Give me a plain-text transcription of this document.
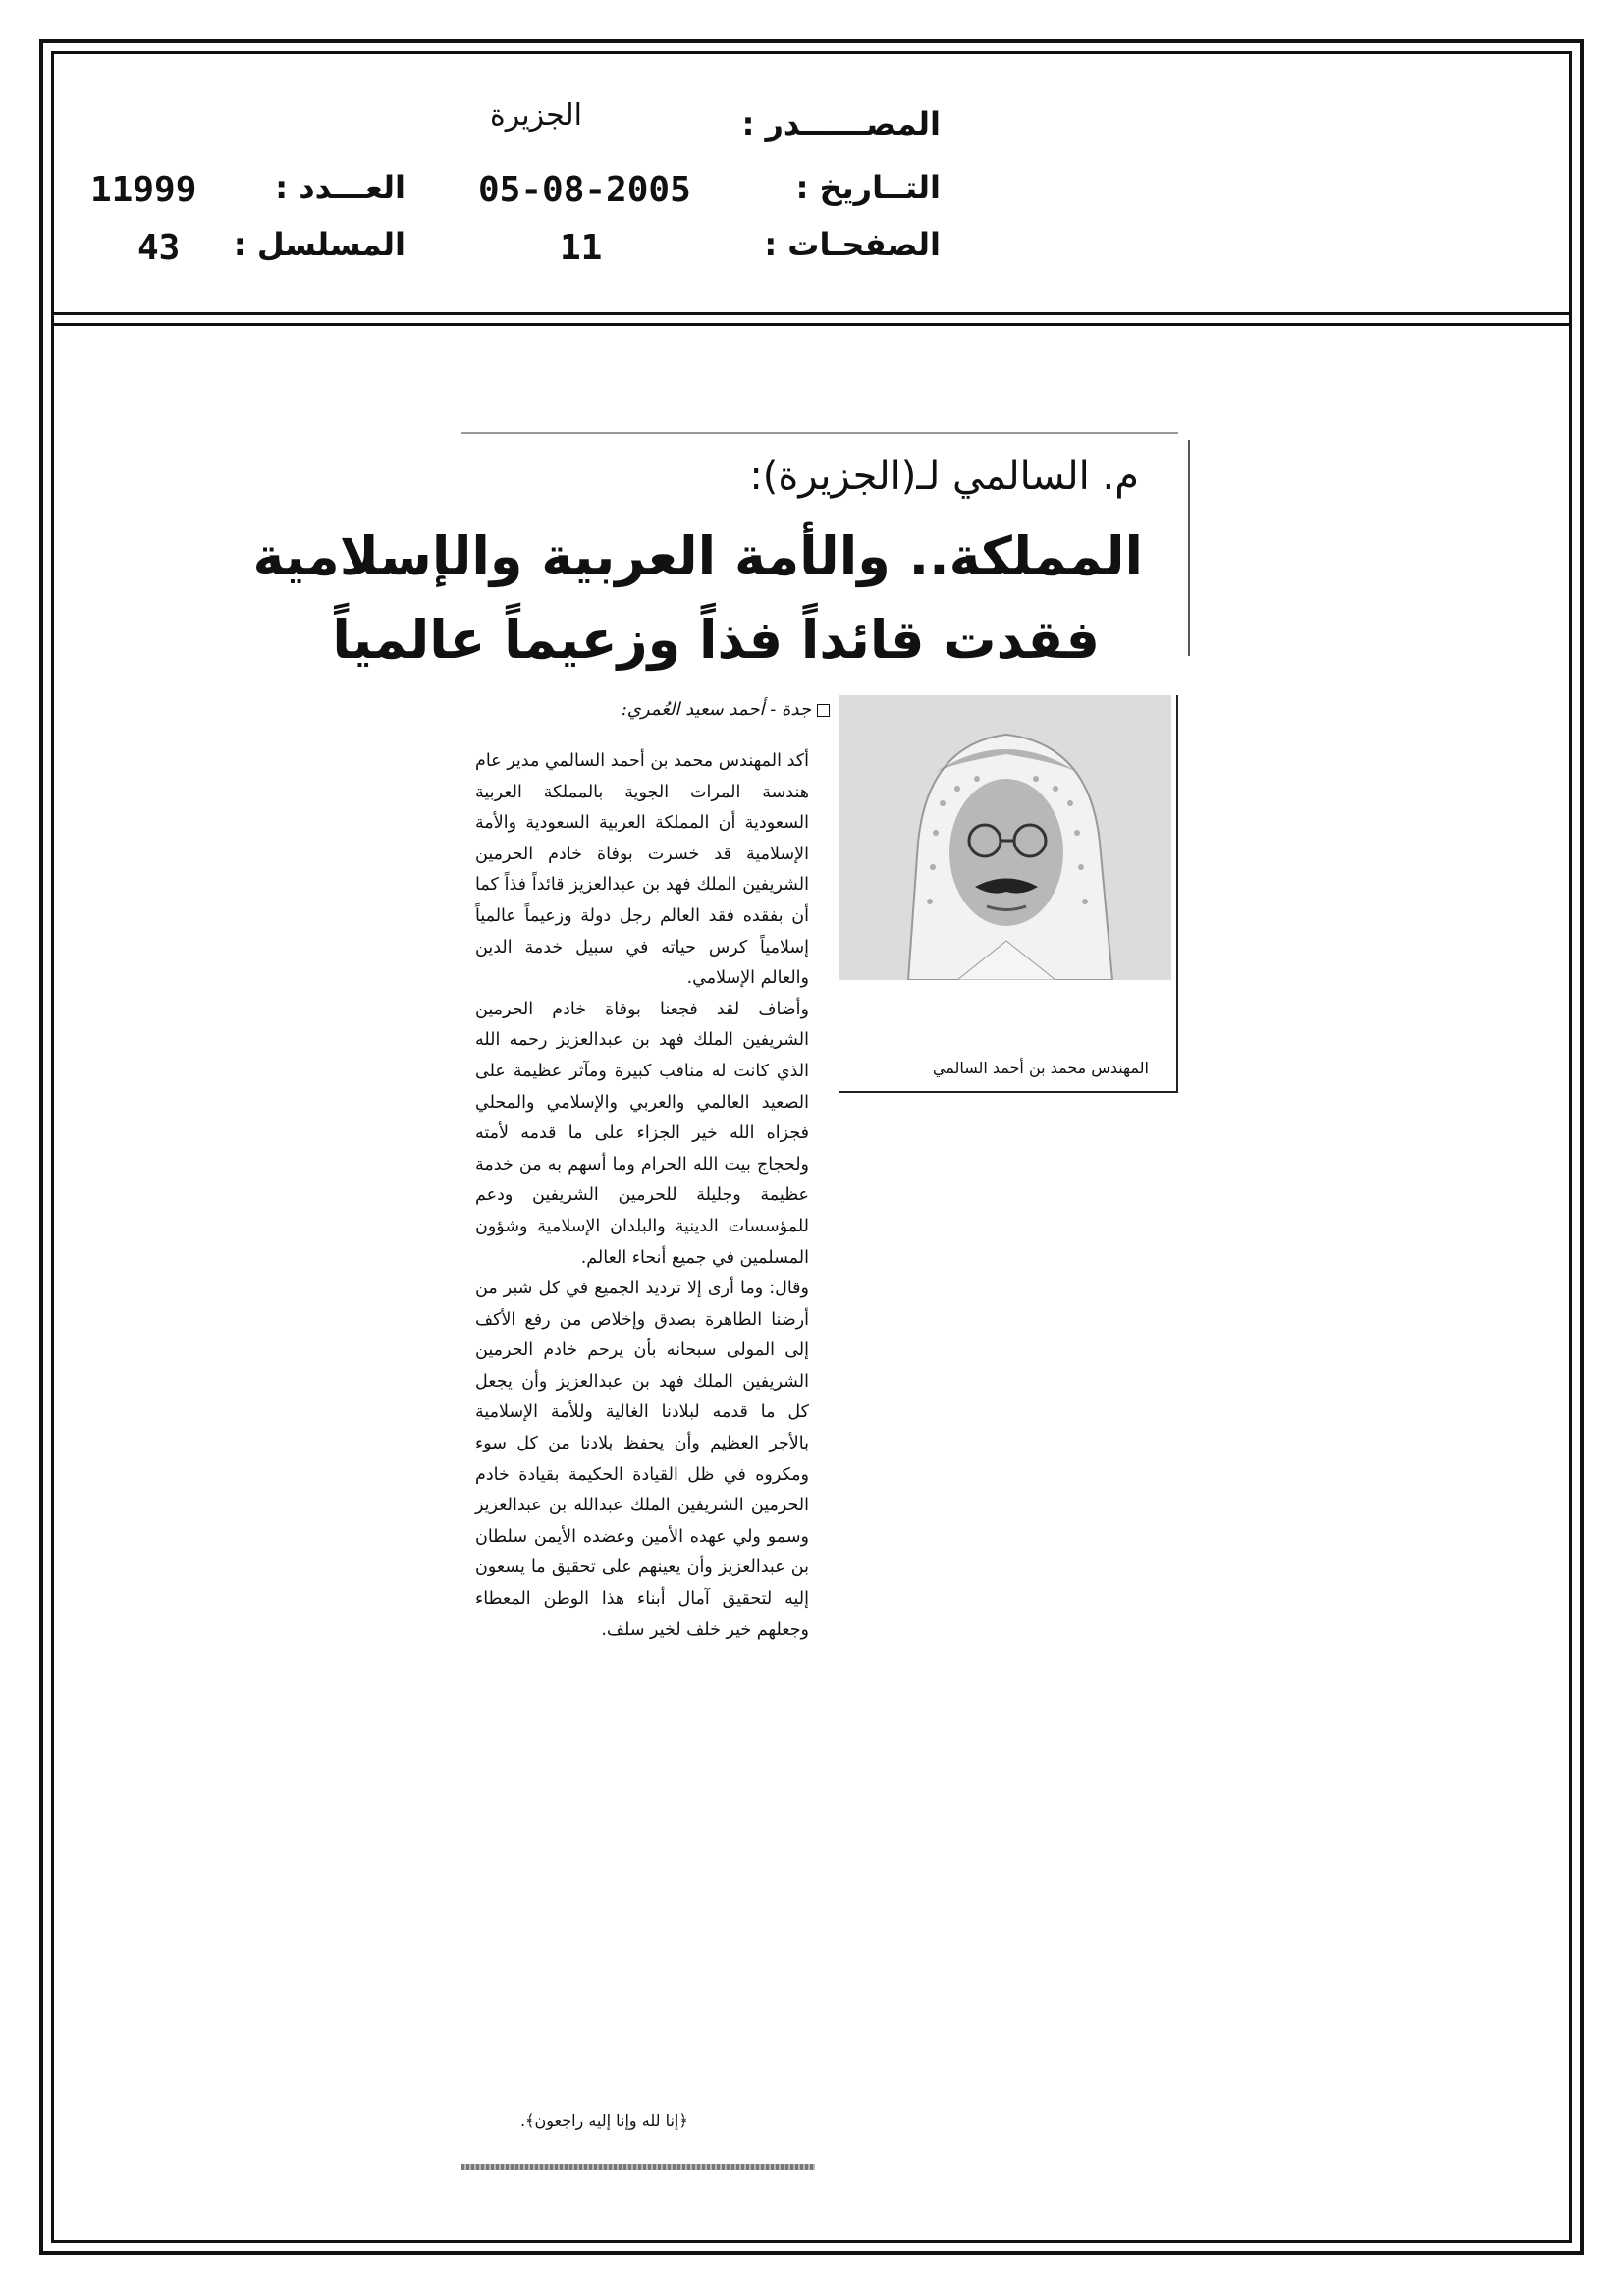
المصــــــدر :
الجزيرة
التــاريخ :
05-08-2005
الصفحـات :
11
العـــدد :
11999
المسلسل :
43
م. السالمي لـ(الجزيرة):
المملكة.. والأمة العربية والإسلامية
فقدت قائداً فذاً وزعيماً عالمياً
جدة - أحمد سعيد العُمري:
المهندس محمد بن أحمد السالمي

أكد المهندس محمد بن أحمد السالمي مدير عام هندسة المرات الجوية بالمملكة العربية السعودية أن المملكة العربية السعودية والأمة الإسلامية قد خسرت بوفاة خادم الحرمين الشريفين الملك فهد بن عبدالعزيز قائداً فذاً كما أن بفقده فقد العالم رجل دولة وزعيماً عالمياً إسلامياً كرس حياته في سبيل خدمة الدين والعالم الإسلامي.

وأضاف لقد فجعنا بوفاة خادم الحرمين الشريفين الملك فهد بن عبدالعزيز رحمه الله الذي كانت له مناقب كبيرة ومآثر عظيمة على الصعيد العالمي والعربي والإسلامي والمحلي فجزاه الله خير الجزاء على ما قدمه لأمته ولحجاج بيت الله الحرام وما أسهم به من خدمة عظيمة وجليلة للحرمين الشريفين ودعم للمؤسسات الدينية والبلدان الإسلامية وشؤون المسلمين في جميع أنحاء العالم.

وقال: وما أرى إلا ترديد الجميع في كل شبر من أرضنا الطاهرة بصدق وإخلاص من رفع الأكف إلى المولى سبحانه بأن يرحم خادم الحرمين الشريفين الملك فهد بن عبدالعزيز وأن يجعل كل ما قدمه لبلادنا الغالية وللأمة الإسلامية بالأجر العظيم وأن يحفظ بلادنا من كل سوء ومكروه في ظل القيادة الحكيمة بقيادة خادم الحرمين الشريفين الملك عبدالله بن عبدالعزيز وسمو ولي عهده الأمين وعضده الأيمن سلطان بن عبدالعزيز وأن يعينهم على تحقيق ما يسعون إليه لتحقيق آمال أبناء هذا الوطن المعطاء وجعلهم خير خلف لخير سلف.

﴿إنا لله وإنا إليه راجعون﴾.
